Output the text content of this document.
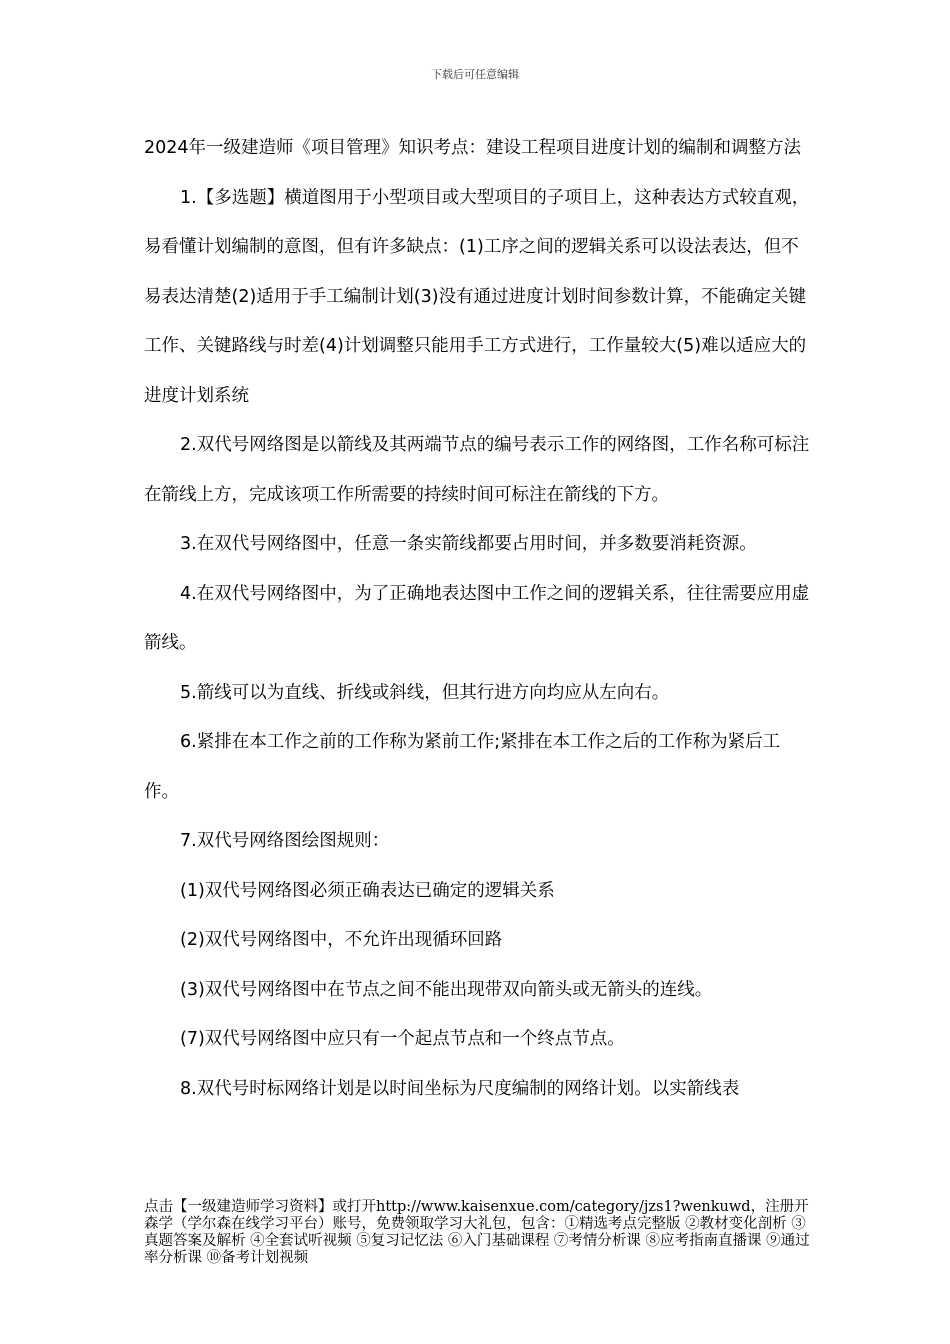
下载后可任意编辑

2024年一级建造师《项目管理》知识考点：建设工程项目进度计划的编制和调整方法

1.【多选题】横道图用于小型项目或大型项目的子项目上，这种表达方式较直观，易看懂计划编制的意图，但有许多缺点：(1)工序之间的逻辑关系可以设法表达，但不易表达清楚(2)适用于手工编制计划(3)没有通过进度计划时间参数计算，不能确定关键工作、关键路线与时差(4)计划调整只能用手工方式进行，工作量较大(5)难以适应大的进度计划系统

2.双代号网络图是以箭线及其两端节点的编号表示工作的网络图，工作名称可标注在箭线上方，完成该项工作所需要的持续时间可标注在箭线的下方。

3.在双代号网络图中，任意一条实箭线都要占用时间，并多数要消耗资源。

4.在双代号网络图中，为了正确地表达图中工作之间的逻辑关系，往往需要应用虚箭线。

5.箭线可以为直线、折线或斜线，但其行进方向均应从左向右。

6.紧排在本工作之前的工作称为紧前工作;紧排在本工作之后的工作称为紧后工作。

7.双代号网络图绘图规则：

(1)双代号网络图必须正确表达已确定的逻辑关系

(2)双代号网络图中，不允许出现循环回路

(3)双代号网络图中在节点之间不能出现带双向箭头或无箭头的连线。

(7)双代号网络图中应只有一个起点节点和一个终点节点。

8.双代号时标网络计划是以时间坐标为尺度编制的网络计划。以实箭线表

点击【一级建造师学习资料】或打开http://www.kaisenxue.com/category/jzs1?wenkuwd，注册开森学（学尔森在线学习平台）账号，免费领取学习大礼包，包含：①精选考点完整版 ②教材变化剖析 ③真题答案及解析 ④全套试听视频 ⑤复习记忆法 ⑥入门基础课程 ⑦考情分析课 ⑧应考指南直播课 ⑨通过率分析课 ⑩备考计划视频
